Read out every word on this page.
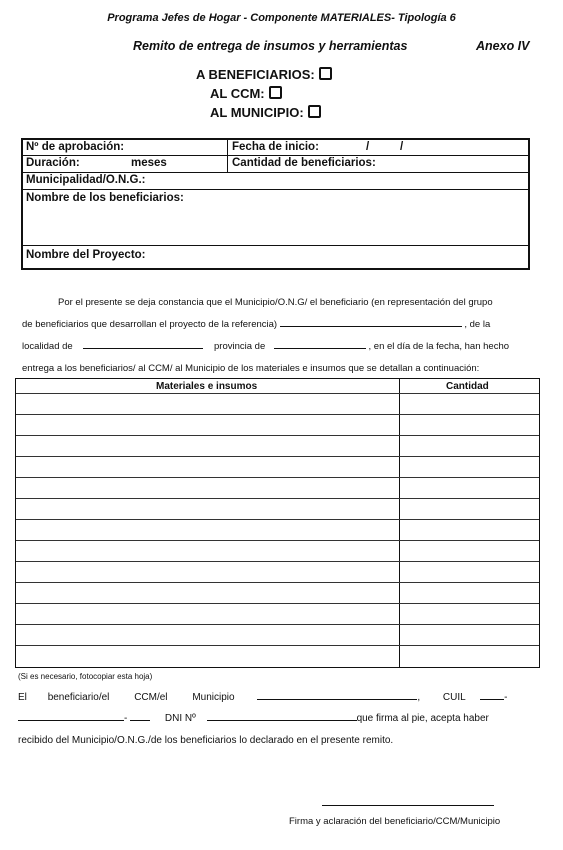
Programa Jefes de Hogar - Componente MATERIALES- Tipología 6
Remito de entrega de insumos y herramientas	Anexo IV
A BENEFICIARIOS:
AL CCM:
AL MUNICIPIO:
Nº de aprobación:	Fecha de inicio:	/	/
Duración:	meses	Cantidad de beneficiarios:
Municipalidad/O.N.G.:
Nombre de los beneficiarios:
Nombre del Proyecto:
Por el presente se deja constancia que el Municipio/O.N.G/ el beneficiario (en representación del grupo
de beneficiarios que desarrollan el proyecto de la referencia)	, de la
localidad de	provincia de	, en el día de la fecha, han hecho
entrega a los beneficiarios/ al CCM/ al Municipio de los materiales e insumos que se detallan a continuación:
Materiales e insumos	Cantidad
(Si es necesario, fotocopiar esta hoja)
El beneficiario/el CCM/el Municipio	, CUIL	-
-	DNI Nº	que firma al pie, acepta haber
recibido del Municipio/O.N.G./de los beneficiarios lo declarado en el presente remito.
Firma y aclaración del beneficiario/CCM/Municipio
